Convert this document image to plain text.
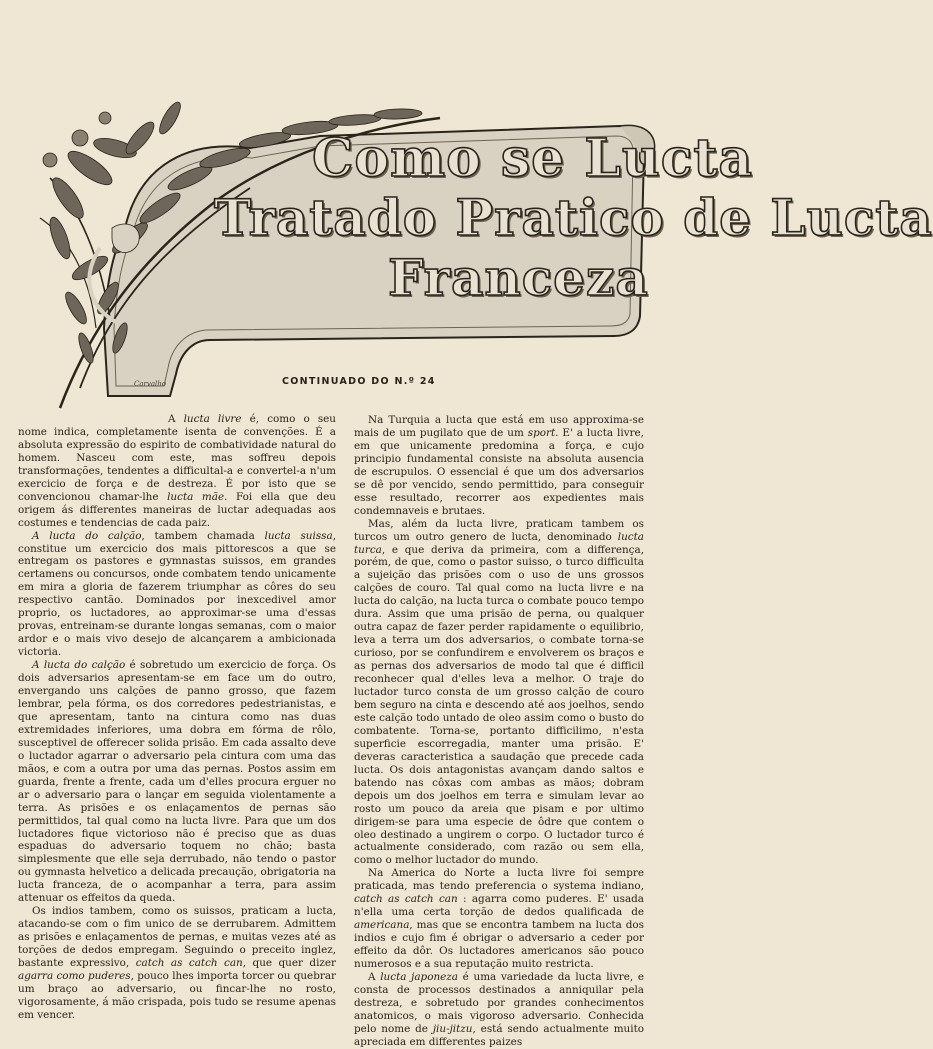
Como se Lucta
Tratado Pratico de Lucta
Franceza
Carvalho	CONTINUADO DO N.º 24

A lucta livre é, como o seu nome indica, completamente isenta de convenções. É a absoluta expressão do espirito de combatividade natural do homem. Nasceu com este, mas soffreu depois transformações, tendentes a difficultal-a e convertel-a n'um exercicio de força e de destreza. É por isto que se convencionou chamar-lhe lucta mãe. Foi ella que deu origem ás differentes maneiras de luctar adequadas aos costumes e tendencias de cada paiz.

A lucta do calção, tambem chamada lucta suissa, constitue um exercicio dos mais pittorescos a que se entregam os pastores e gymnastas suissos, em grandes certamens ou concursos, onde combatem tendo unicamente em mira a gloria de fazerem triumphar as côres do seu respectivo cantão. Dominados por inexcedivel amor proprio, os luctadores, ao approximar-se uma d'essas provas, entreinam-se durante longas semanas, com o maior ardor e o mais vivo desejo de alcançarem a ambicionada victoria.

A lucta do calção é sobretudo um exercicio de força. Os dois adversarios apresentam-se em face um do outro, envergando uns calções de panno grosso, que fazem lembrar, pela fórma, os dos corredores pedestrianistas, e que apresentam, tanto na cintura como nas duas extremidades inferiores, uma dobra em fórma de rôlo, susceptivel de offerecer solida prisão. Em cada assalto deve o luctador agarrar o adversario pela cintura com uma das mãos, e com a outra por uma das pernas. Postos assim em guarda, frente a frente, cada um d'elles procura erguer no ar o adversario para o lançar em seguida violentamente a terra. As prisões e os enlaçamentos de pernas são permittidos, tal qual como na lucta livre. Para que um dos luctadores fique victorioso não é preciso que as duas espaduas do adversario toquem no chão; basta simplesmente que elle seja derrubado, não tendo o pastor ou gymnasta helvetico a delicada precaução, obrigatoria na lucta franceza, de o acompanhar a terra, para assim attenuar os effeitos da queda.

Os indios tambem, como os suissos, praticam a lucta, atacando-se com o fim unico de se derrubarem. Admittem as prisões e enlaçamentos de pernas, e muitas vezes até as torções de dedos empregam. Seguindo o preceito inglez, bastante expressivo, catch as catch can, que quer dizer agarra como puderes, pouco lhes importa torcer ou quebrar um braço ao adversario, ou fincar-lhe no rosto, vigorosamente, á mão crispada, pois tudo se resume apenas em vencer.

Na Turquia a lucta que está em uso approxima-se mais de um pugilato que de um sport. E' a lucta livre, em que unicamente predomina a força, e cujo principio fundamental consiste na absoluta ausencia de escrupulos. O essencial é que um dos adversarios se dê por vencido, sendo permittido, para conseguir esse resultado, recorrer aos expedientes mais condemnaveis e brutaes.

Mas, além da lucta livre, praticam tambem os turcos um outro genero de lucta, denominado lucta turca, e que deriva da primeira, com a differença, porém, de que, como o pastor suisso, o turco difficulta a sujeição das prisões com o uso de uns grossos calções de couro. Tal qual como na lucta livre e na lucta do calção, na lucta turca o combate pouco tempo dura. Assim que uma prisão de perna, ou qualquer outra capaz de fazer perder rapidamente o equilibrio, leva a terra um dos adversarios, o combate torna-se curioso, por se confundirem e envolverem os braços e as pernas dos adversarios de modo tal que é difficil reconhecer qual d'elles leva a melhor. O traje do luctador turco consta de um grosso calção de couro bem seguro na cinta e descendo até aos joelhos, sendo este calção todo untado de oleo assim como o busto do combatente. Torna-se, portanto difficilimo, n'esta superficie escorregadia, manter uma prisão. E' deveras caracteristica a saudação que precede cada lucta. Os dois antagonistas avançam dando saltos e batendo nas côxas com ambas as mãos; dobram depois um dos joelhos em terra e simulam levar ao rosto um pouco da areia que pisam e por ultimo dirigem-se para uma especie de ôdre que contem o oleo destinado a ungirem o corpo. O luctador turco é actualmente considerado, com razão ou sem ella, como o melhor luctador do mundo.

Na America do Norte a lucta livre foi sempre praticada, mas tendo preferencia o systema indiano, catch as catch can : agarra como puderes. E' usada n'ella uma certa torção de dedos qualificada de americana, mas que se encontra tambem na lucta dos indios e cujo fim é obrigar o adversario a ceder por effeito da dôr. Os luctadores americanos são pouco numerosos e a sua reputação muito restricta.

A lucta japoneza é uma variedade da lucta livre, e consta de processos destinados a anniquilar pela destreza, e sobretudo por grandes conhecimentos anatomicos, o mais vigoroso adversario. Conhecida pelo nome de jiu-jitzu, está sendo actualmente muito apreciada em differentes paizes
